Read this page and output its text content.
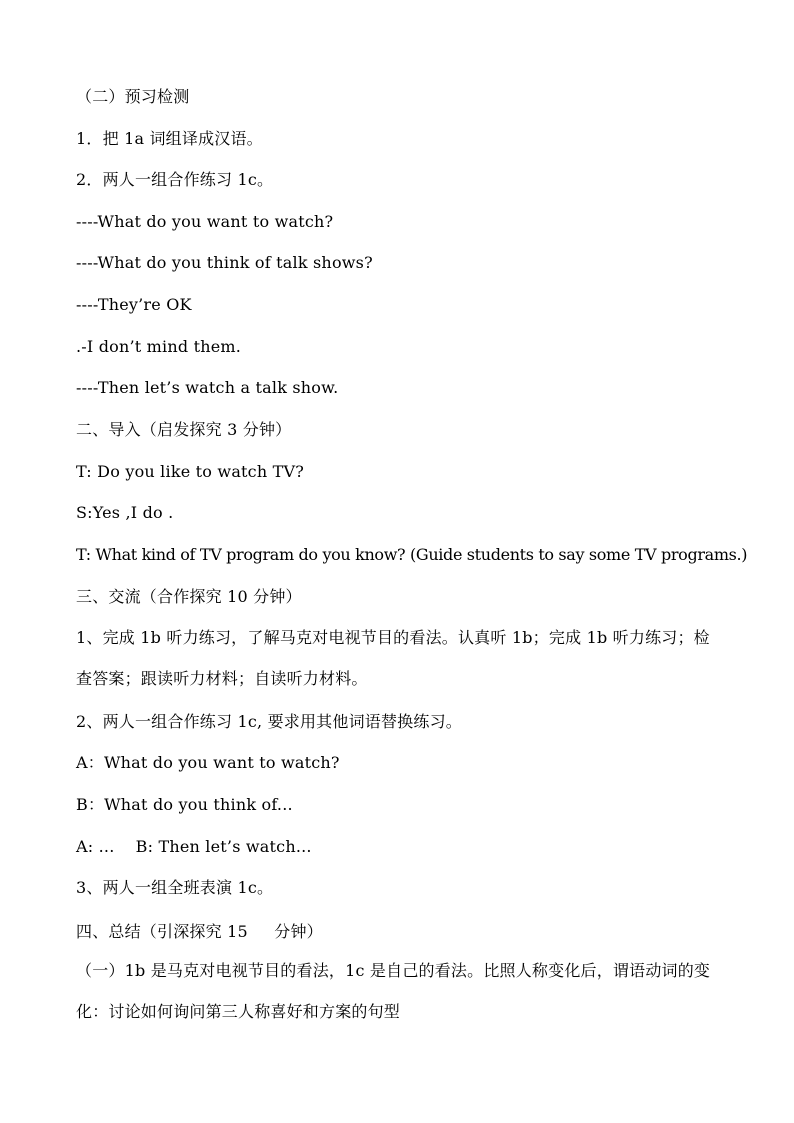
（二）预习检测
1．把 1a 词组译成汉语。
2．两人一组合作练习 1c。
----What do you want to watch?
----What do you think of talk shows?
----They’re OK
.-I don’t mind them.
----Then let’s watch a talk show.
二、导入（启发探究 3 分钟）
T: Do you like to watch TV?
S:Yes ,I do .
T: What kind of TV program do you know? (Guide students to say some TV programs.)
三、交流（合作探究 10 分钟）
1、完成 1b 听力练习，了解马克对电视节目的看法。认真听 1b；完成 1b 听力练习；检查答案；跟读听力材料；自读听力材料。
2、两人一组合作练习 1c, 要求用其他词语替换练习。
A：What do you want to watch?
B：What do you think of...
A: ...    B: Then let’s watch...
3、两人一组全班表演 1c。
四、总结（引深探究 15     分钟）
（一）1b 是马克对电视节目的看法，1c 是自己的看法。比照人称变化后，谓语动词的变化：讨论如何询问第三人称喜好和方案的句型
